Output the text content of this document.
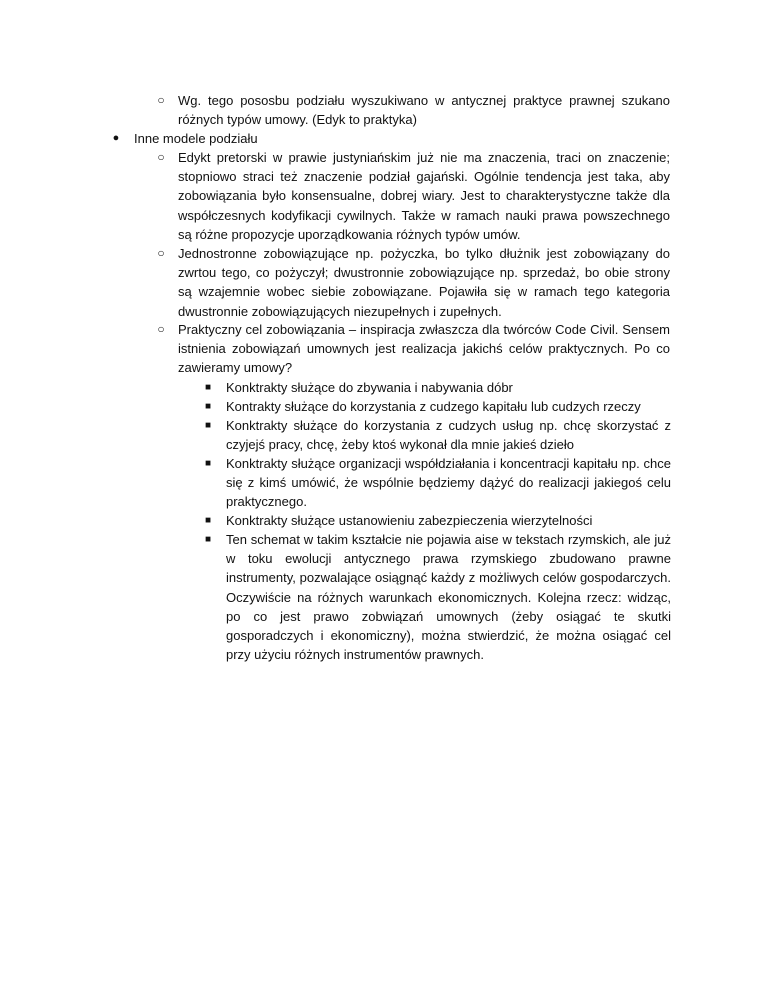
○ Wg. tego pososbu podziału wyszukiwano w antycznej praktyce prawnej szukano różnych typów umowy. (Edyk to praktyka)
● Inne modele podziału
○ Edykt pretorski w prawie justyniańskim już nie ma znaczenia, traci on znaczenie; stopniowo straci też znaczenie podział gajański. Ogólnie tendencja jest taka, aby zobowiązania było konsensualne, dobrej wiary. Jest to charakterystyczne także dla współczesnych kodyfikacji cywilnych. Także w ramach nauki prawa powszechnego są różne propozycje uporządkowania różnych typów umów.
○ Jednostronne zobowiązujące np. pożyczka, bo tylko dłużnik jest zobowiązany do zwrtou tego, co pożyczył; dwustronnie zobowiązujące np. sprzedaż, bo obie strony są wzajemnie wobec siebie zobowiązane. Pojawiła się w ramach tego kategoria dwustronnie zobowiązujących niezupełnych i zupełnych.
○ Praktyczny cel zobowiązania – inspiracja zwłaszcza dla twórców Code Civil. Sensem istnienia zobowiązań umownych jest realizacja jakichś celów praktycznych. Po co zawieramy umowy?
■	Konktrakty służące do zbywania i nabywania dóbr
■	Kontrakty służące do korzystania z cudzego kapitału lub cudzych rzeczy
■	Konktrakty służące do korzystania z cudzych usług np. chcę skorzystać z czyjejś pracy, chcę, żeby ktoś wykonał dla mnie jakieś dzieło
■	Konktrakty służące organizacji współdziałania i koncentracji kapitału np. chce się z kimś umówić, że wspólnie będziemy dążyć do realizacji jakiegoś celu praktycznego.
■	Konktrakty służące ustanowieniu zabezpieczenia wierzytelności
■	Ten schemat w takim kształcie nie pojawia aise w tekstach rzymskich, ale już w toku ewolucji antycznego prawa rzymskiego zbudowano prawne instrumenty, pozwalające osiągnąć każdy z możliwych celów gospodarczych. Oczywiście na różnych warunkach ekonomicznych. Kolejna rzecz: widząc, po co jest prawo zobwiązań umownych (żeby osiągać te skutki gosporadczych i ekonomiczny), można stwierdzić, że można osiągać cel przy użyciu różnych instrumentów prawnych.
